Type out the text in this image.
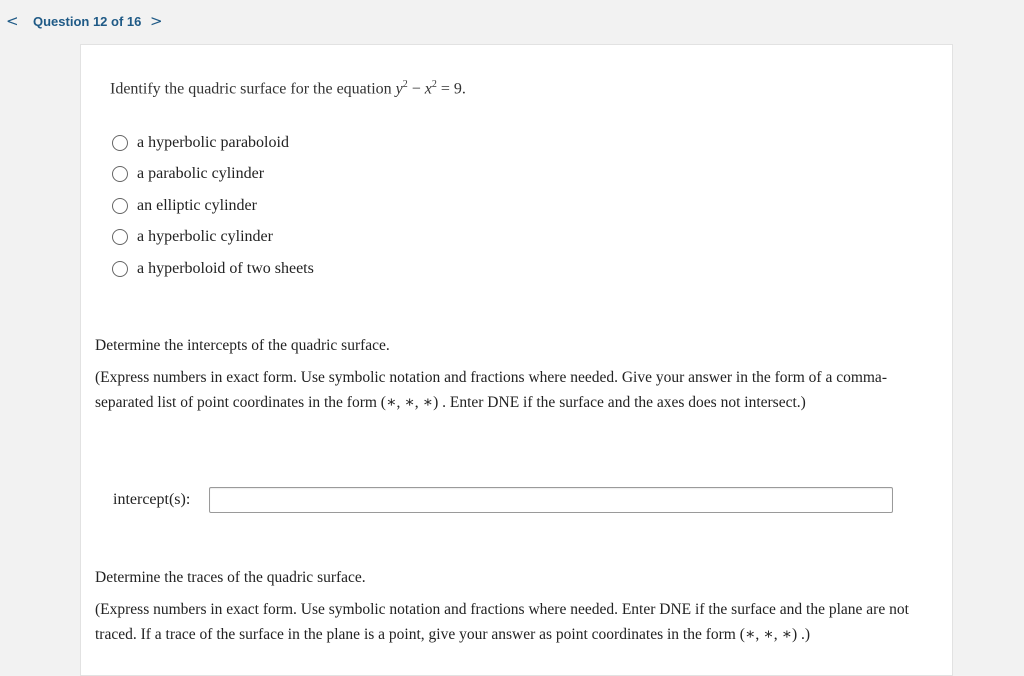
< Question 12 of 16 >
Identify the quadric surface for the equation $y^2 - x^2 = 9$.
a hyperbolic paraboloid
a parabolic cylinder
an elliptic cylinder
a hyperbolic cylinder
a hyperboloid of two sheets
Determine the intercepts of the quadric surface.
(Express numbers in exact form. Use symbolic notation and fractions where needed. Give your answer in the form of a comma-separated list of point coordinates in the form (∗, ∗, ∗) . Enter DNE if the surface and the axes does not intersect.)
intercept(s):
Determine the traces of the quadric surface.
(Express numbers in exact form. Use symbolic notation and fractions where needed. Enter DNE if the surface and the plane are not traced. If a trace of the surface in the plane is a point, give your answer as point coordinates in the form (∗, ∗, ∗) .)
